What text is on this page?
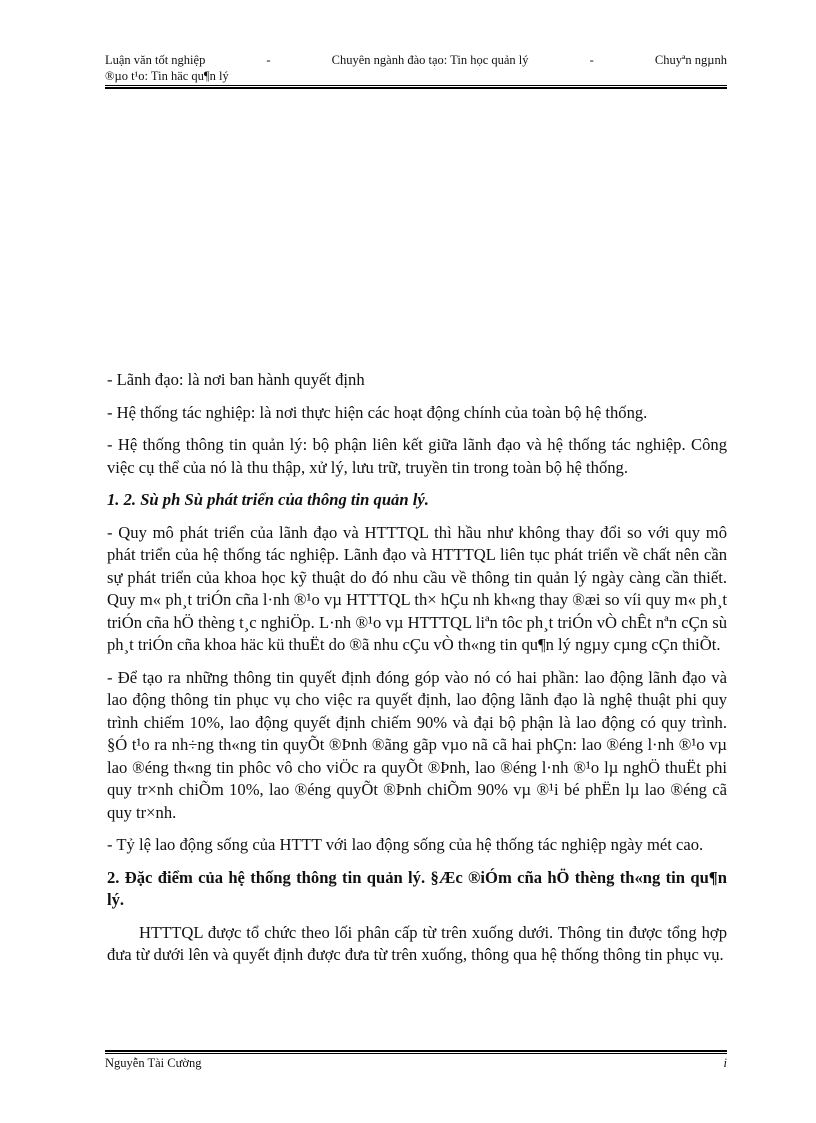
Luận văn tốt nghiệp	-	Chuyên ngành đào tạo: Tin học quản lý	-	Chuyªn ngµnh
®µo t¹o: Tin häc qu¶n lý

- Lãnh đạo: là nơi ban hành quyết định

- Hệ thống tác nghiệp: là nơi thực hiện các hoạt động chính của toàn bộ hệ thống.

- Hệ thống thông tin quản lý: bộ phận liên kết giữa lãnh đạo và hệ thống tác nghiệp. Công việc cụ thể của nó là thu thập, xử lý, lưu trữ, truyền tin trong toàn bộ hệ thống.

1. 2. Sù ph Sù phát triển của thông tin quản lý.

- Quy mô phát triển của lãnh đạo và HTTTQL thì hầu như không thay đổi so với quy mô phát triển của hệ thống tác nghiệp. Lãnh đạo và HTTTQL liên tục phát triển về chất nên cần sự phát triển của khoa học kỹ thuật do đó nhu cầu về thông tin quản lý ngày càng cần thiết. Quy m« ph¸t triÓn cña l·nh ®¹o vµ HTTTQL th× hÇu nh kh«ng thay ®æi so víi quy m« ph¸t triÓn cña hÖ thèng t¸c nghiÖp. L·nh ®¹o vµ HTTTQL liªn tôc ph¸t triÓn vÒ chÊt nªn cÇn sù ph¸t triÓn cña khoa häc kü thuËt do ®ã nhu cÇu vÒ th«ng tin qu¶n lý ngµy cµng cÇn thiÕt.

- Để tạo ra những thông tin quyết định đóng góp vào nó có hai phần: lao động lãnh đạo và lao động thông tin phục vụ cho việc ra quyết định, lao động lãnh đạo là nghệ thuật phi quy trình chiếm 10%, lao động quyết định chiếm 90% và đại bộ phận là lao động có quy trình. §Ó t¹o ra nh÷ng th«ng tin quyÕt ®Þnh ®ãng gãp vµo nã cã hai phÇn: lao ®éng l·nh ®¹o vµ lao ®éng th«ng tin phôc vô cho viÖc ra quyÕt ®Þnh, lao ®éng l·nh ®¹o lµ nghÖ thuËt phi quy tr×nh chiÕm 10%, lao ®éng quyÕt ®Þnh chiÕm 90% vµ ®¹i bé phËn lµ lao ®éng cã quy tr×nh.

- Tỷ lệ lao động sống của HTTT với lao động sống của hệ thống tác nghiệp ngày mét cao.

2. Đặc điểm của hệ thống thông tin quản lý. §Æc ®iÓm cña hÖ thèng th«ng tin qu¶n lý.

HTTTQL được tổ chức theo lối phân cấp từ trên xuống dưới. Thông tin được tổng hợp đưa từ dưới lên và quyết định được đưa từ trên xuống, thông qua hệ thống thông tin phục vụ.

Nguyễn Tài Cường	i
